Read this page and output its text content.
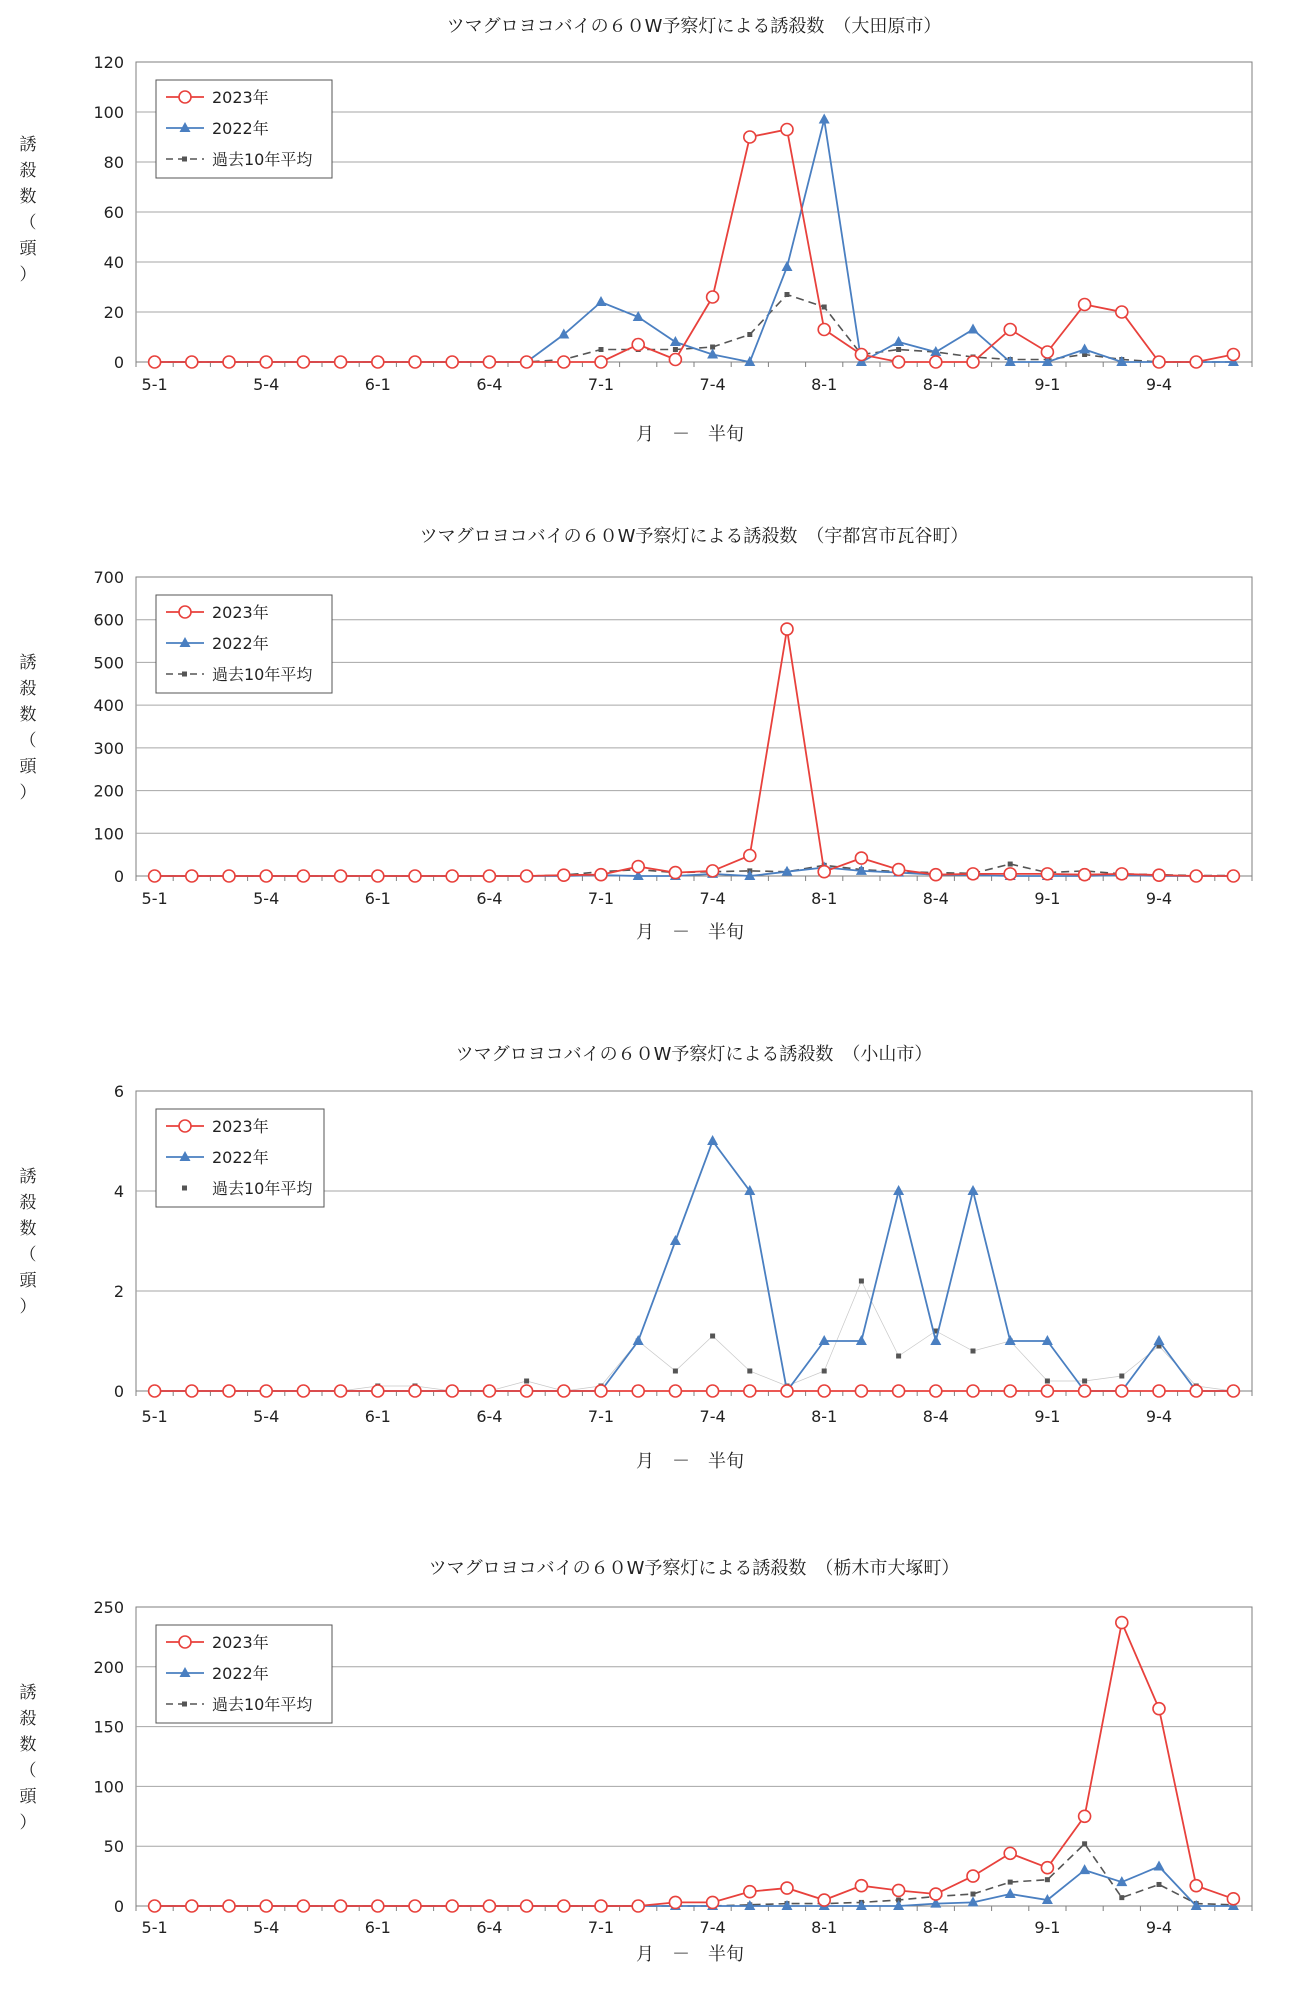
ツマグロヨコバイの６０W予察灯による誘殺数　（大田原市）
0
20
40
60
80
100
120
5-1	5-4	6-1	6-4	7-1	7-4	8-1	8-4	9-1	9-4
月　－　半旬
誘
殺
数
（
頭
）
2023年
2022年
過去10年平均
ツマグロヨコバイの６０W予察灯による誘殺数　（宇都宮市瓦谷町）
0
100
200
300
400
500
600
700
5-1	5-4	6-1	6-4	7-1	7-4	8-1	8-4	9-1	9-4
月　－　半旬
誘
殺
数
（
頭
）
2023年
2022年
過去10年平均
ツマグロヨコバイの６０W予察灯による誘殺数　（小山市）
0
2
4
6
5-1	5-4	6-1	6-4	7-1	7-4	8-1	8-4	9-1	9-4
月　－　半旬
誘
殺
数
（
頭
）
2023年
2022年
過去10年平均
ツマグロヨコバイの６０W予察灯による誘殺数　（栃木市大塚町）
0
50
100
150
200
250
5-1	5-4	6-1	6-4	7-1	7-4	8-1	8-4	9-1	9-4
月　－　半旬
誘
殺
数
（
頭
）
2023年
2022年
過去10年平均
